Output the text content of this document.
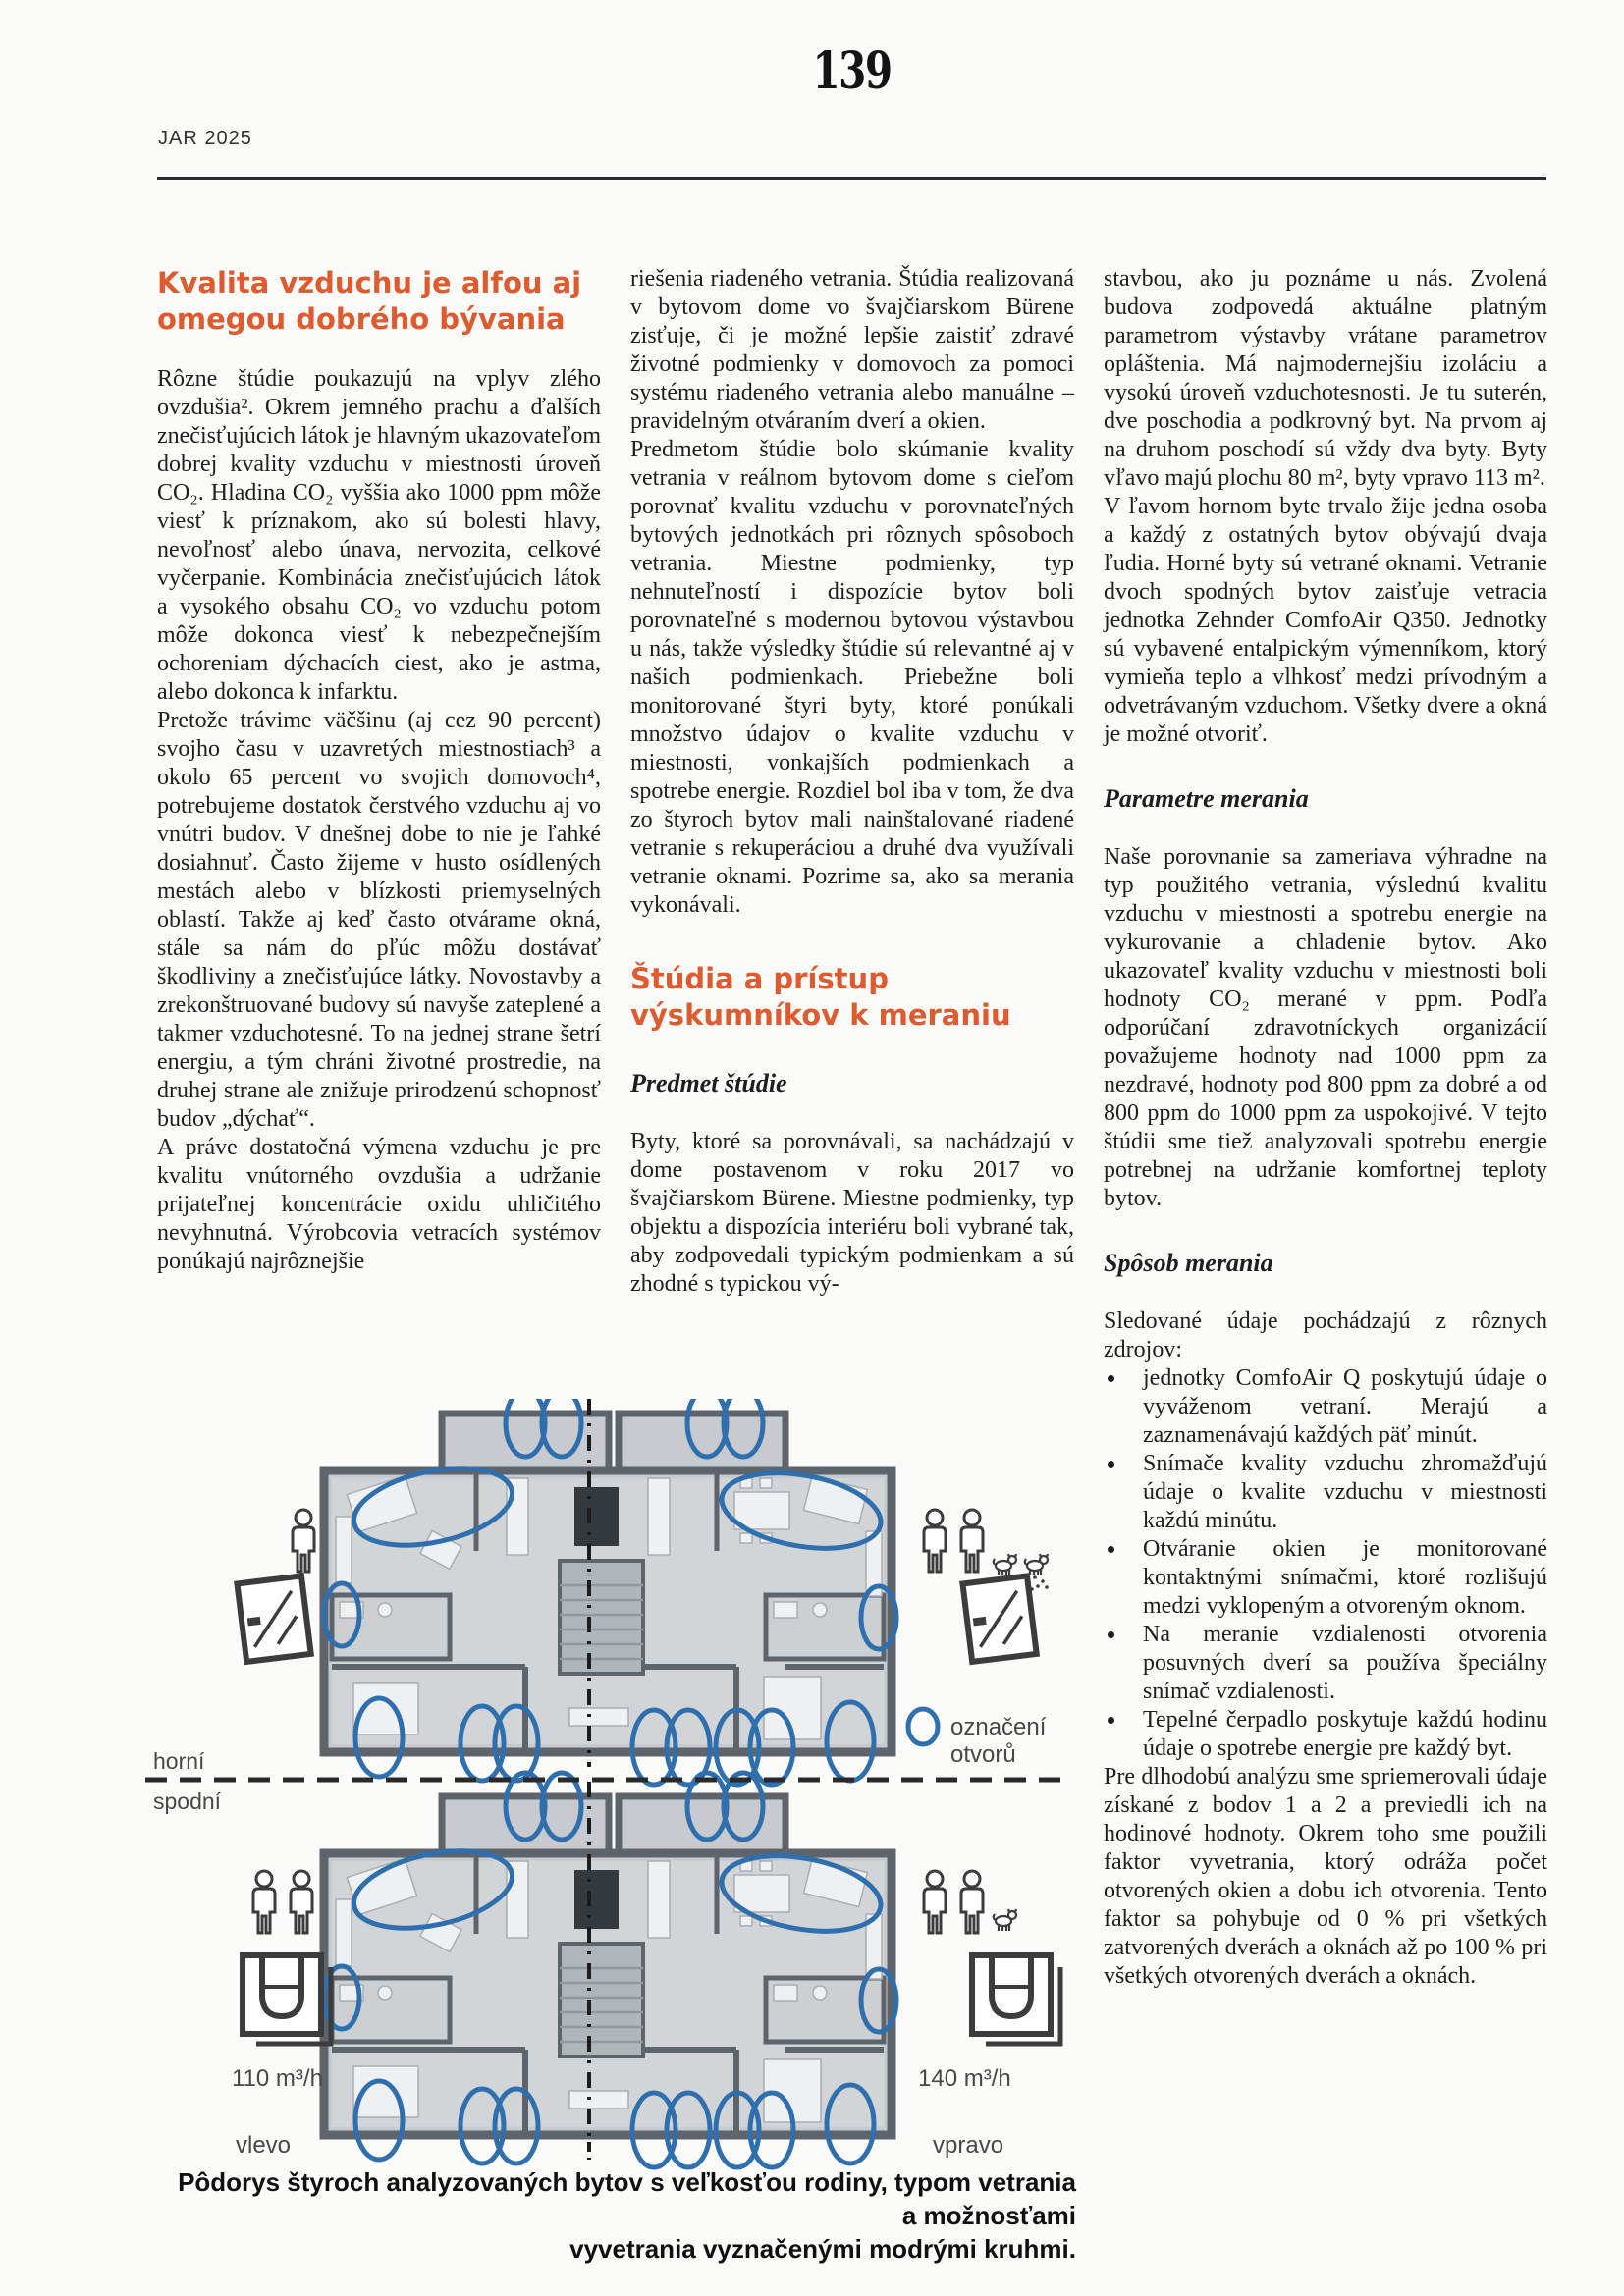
139
JAR 2025
Kvalita vzduchu je alfou aj omegou dobrého bývania

Rôzne štúdie poukazujú na vplyv zlého ovzdušia². Okrem jemného prachu a ďalších znečisťujúcich látok je hlavným ukazovateľom dobrej kvality vzduchu v miestnosti úroveň CO₂. Hladina CO₂ vyššia ako 1000 ppm môže viesť k príznakom, ako sú bolesti hlavy, nevoľnosť alebo únava, nervozita, celkové vyčerpanie. Kombinácia znečisťujúcich látok a vysokého obsahu CO₂ vo vzduchu potom môže dokonca viesť k nebezpečnejším ochoreniam dýchacích ciest, ako je astma, alebo dokonca k infarktu.

Pretože trávime väčšinu (aj cez 90 percent) svojho času v uzavretých miestnostiach³ a okolo 65 percent vo svojich domovoch⁴, potrebujeme dostatok čerstvého vzduchu aj vo vnútri budov. V dnešnej dobe to nie je ľahké dosiahnuť. Často žijeme v husto osídlených mestách alebo v blízkosti priemyselných oblastí. Takže aj keď často otvárame okná, stále sa nám do pľúc môžu dostávať škodliviny a znečisťujúce látky. Novostavby a zrekonštruované budovy sú navyše zateplené a takmer vzduchotesné. To na jednej strane šetrí energiu, a tým chráni životné prostredie, na druhej strane ale znižuje prirodzenú schopnosť budov „dýchať“.

A práve dostatočná výmena vzduchu je pre kvalitu vnútorného ovzdušia a udržanie prijateľnej koncentrácie oxidu uhličitého nevyhnutná. Výrobcovia vetracích systémov ponúkajú najrôznejšie

riešenia riadeného vetrania. Štúdia realizovaná v bytovom dome vo švajčiarskom Bürene zisťuje, či je možné lepšie zaistiť zdravé životné podmienky v domovoch za pomoci systému riadeného vetrania alebo manuálne – pravidelným otváraním dverí a okien.

Predmetom štúdie bolo skúmanie kvality vetrania v reálnom bytovom dome s cieľom porovnať kvalitu vzduchu v porovnateľných bytových jednotkách pri rôznych spôsoboch vetrania. Miestne podmienky, typ nehnuteľností i dispozície bytov boli porovnateľné s modernou bytovou výstavbou u nás, takže výsledky štúdie sú relevantné aj v našich podmienkach. Priebežne boli monitorované štyri byty, ktoré ponúkali množstvo údajov o kvalite vzduchu v miestnosti, vonkajších podmienkach a spotrebe energie. Rozdiel bol iba v tom, že dva zo štyroch bytov mali nainštalované riadené vetranie s rekuperáciou a druhé dva využívali vetranie oknami. Pozrime sa, ako sa merania vykonávali.

Štúdia a prístup výskumníkov k meraniu
Predmet štúdie

Byty, ktoré sa porovnávali, sa nachádzajú v dome postavenom v roku 2017 vo švajčiarskom Bürene. Miestne podmienky, typ objektu a dispozícia interiéru boli vybrané tak, aby zodpovedali typickým podmienkam a sú zhodné s typickou vý-

stavbou, ako ju poznáme u nás. Zvolená budova zodpovedá aktuálne platným parametrom výstavby vrátane parametrov opláštenia. Má najmodernejšiu izoláciu a vysokú úroveň vzduchotesnosti. Je tu suterén, dve poschodia a podkrovný byt. Na prvom aj na druhom poschodí sú vždy dva byty. Byty vľavo majú plochu 80 m², byty vpravo 113 m².

V ľavom hornom byte trvalo žije jedna osoba a každý z ostatných bytov obývajú dvaja ľudia. Horné byty sú vetrané oknami. Vetranie dvoch spodných bytov zaisťuje vetracia jednotka Zehnder ComfoAir Q350. Jednotky sú vybavené entalpickým výmenníkom, ktorý vymieňa teplo a vlhkosť medzi prívodným a odvetrávaným vzduchom. Všetky dvere a okná je možné otvoriť.

Parametre merania

Naše porovnanie sa zameriava výhradne na typ použitého vetrania, výslednú kvalitu vzduchu v miestnosti a spotrebu energie na vykurovanie a chladenie bytov. Ako ukazovateľ kvality vzduchu v miestnosti boli hodnoty CO₂ merané v ppm. Podľa odporúčaní zdravotníckych organizácií považujeme hodnoty nad 1000 ppm za nezdravé, hodnoty pod 800 ppm za dobré a od 800 ppm do 1000 ppm za uspokojivé. V tejto štúdii sme tiež analyzovali spotrebu energie potrebnej na udržanie komfortnej teploty bytov.

Spôsob merania

Sledované údaje pochádzajú z rôznych zdrojov:

• jednotky ComfoAir Q poskytujú údaje o vyváženom vetraní. Merajú a zaznamenávajú každých päť minút.
• Snímače kvality vzduchu zhromažďujú údaje o kvalite vzduchu v miestnosti každú minútu.
• Otváranie okien je monitorované kontaktnými snímačmi, ktoré rozlišujú medzi vyklopeným a otvoreným oknom.
• Na meranie vzdialenosti otvorenia posuvných dverí sa používa špeciálny snímač vzdialenosti.
• Tepelné čerpadlo poskytuje každú hodinu údaje o spotrebe energie pre každý byt.

Pre dlhodobú analýzu sme spriemerovali údaje získané z bodov 1 a 2 a previedli ich na hodinové hodnoty. Okrem toho sme použili faktor vyvetrania, ktorý odráža počet otvorených okien a dobu ich otvorenia. Tento faktor sa pohybuje od 0 % pri všetkých zatvorených dverách a oknách až po 100 % pri všetkých otvorených dverách a oknách.

horní
spodní
označení
otvorů
110 m³/h	140 m³/h
vlevo	vpravo
Pôdorys štyroch analyzovaných bytov s veľkosťou rodiny, typom vetrania a možnosťami
vyvetrania vyznačenými modrými kruhmi.
